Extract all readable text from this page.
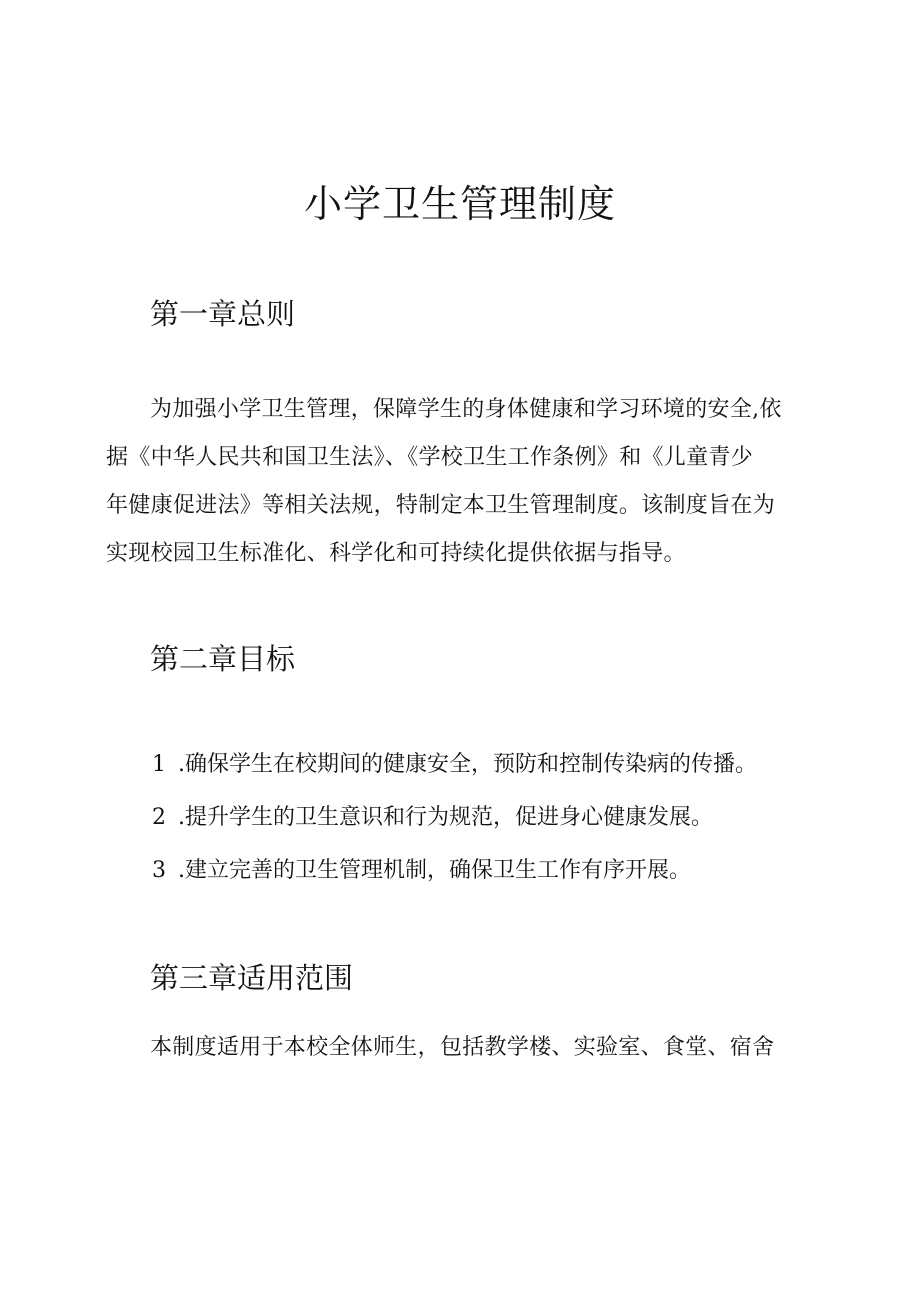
小学卫生管理制度
第一章总则
为加强小学卫生管理，保障学生的身体健康和学习环境的安全,依
据《中华人民共和国卫生法》、《学校卫生工作条例》和《儿童青少
年健康促进法》等相关法规，特制定本卫生管理制度。该制度旨在为
实现校园卫生标准化、科学化和可持续化提供依据与指导。
第二章目标
1 .确保学生在校期间的健康安全，预防和控制传染病的传播。
2 .提升学生的卫生意识和行为规范，促进身心健康发展。
3 .建立完善的卫生管理机制，确保卫生工作有序开展。
第三章适用范围
本制度适用于本校全体师生，包括教学楼、实验室、食堂、宿舍
